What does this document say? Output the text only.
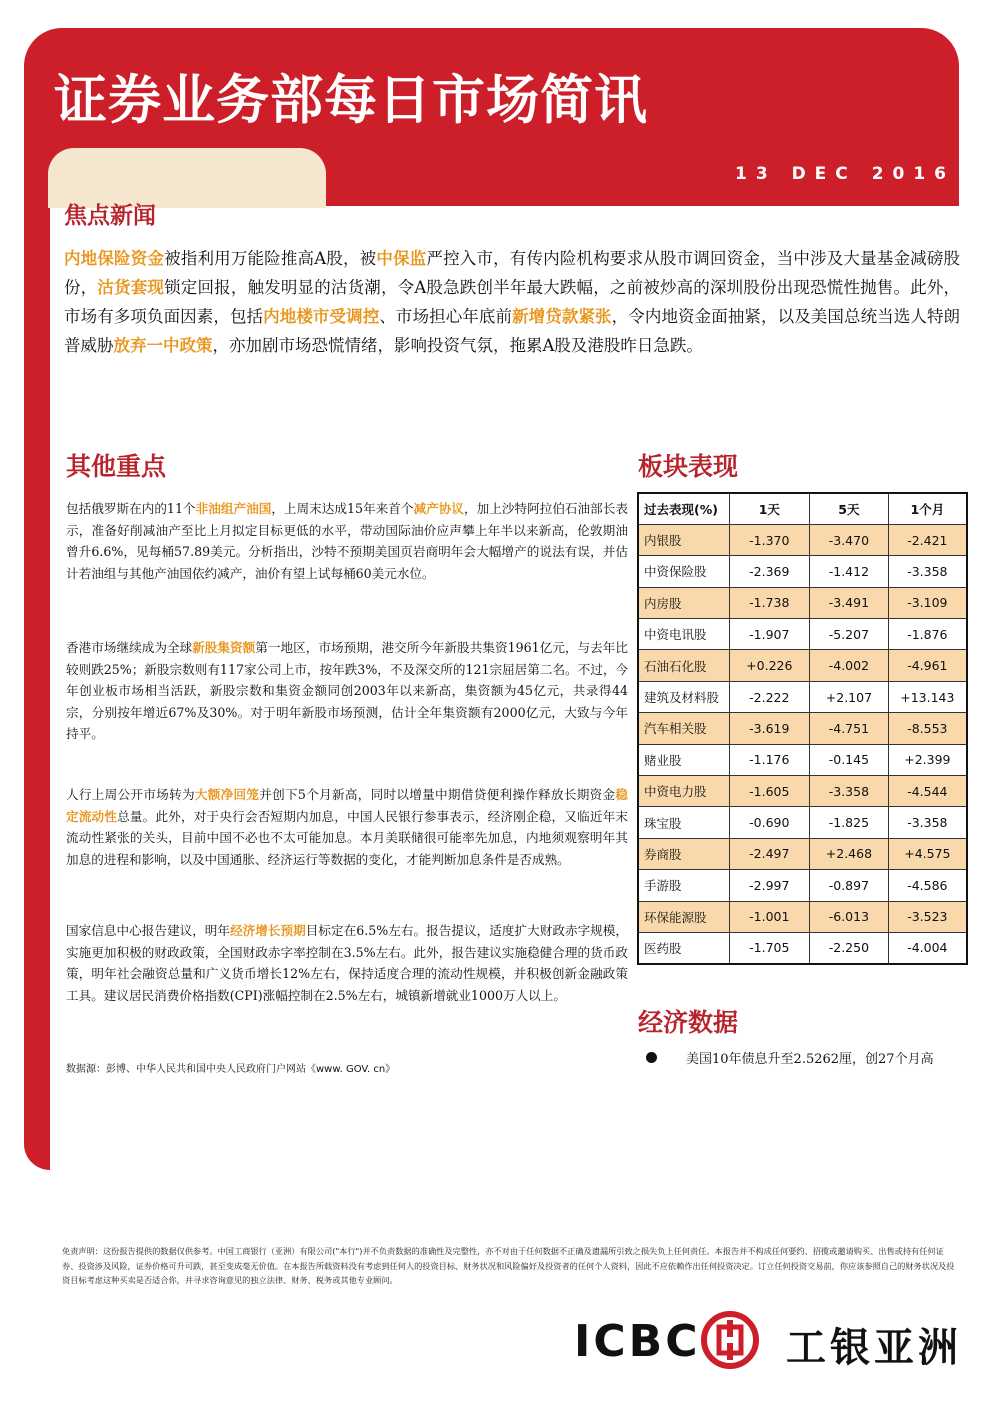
证券业务部每日市场简讯
13 DEC 2016
焦点新闻
内地保险资金被指利用万能险推高A股，被中保监严控入市，有传内险机构要求从股市调回资金，当中涉及大量基金减磅股份，沽货套现锁定回报，触发明显的沽货潮，令A股急跌创半年最大跌幅，之前被炒高的深圳股份出现恐慌性抛售。此外，市场有多项负面因素，包括内地楼市受调控、市场担心年底前新增贷款紧张，令内地资金面抽紧，以及美国总统当选人特朗普威胁放弃一中政策，亦加剧市场恐慌情绪，影响投资气氛，拖累A股及港股昨日急跌。
其他重点
包括俄罗斯在内的11个非油组产油国，上周末达成15年来首个减产协议，加上沙特阿拉伯石油部长表示，准备好削减油产至比上月拟定目标更低的水平，带动国际油价应声攀上年半以来新高，伦敦期油曾升6.6%，见每桶57.89美元。分析指出，沙特不预期美国页岩商明年会大幅增产的说法有误，并估计若油组与其他产油国依约减产，油价有望上试每桶60美元水位。
香港市场继续成为全球新股集资额第一地区，市场预期，港交所今年新股共集资1961亿元，与去年比较则跌25%；新股宗数则有117家公司上市，按年跌3%，不及深交所的121宗屈居第二名。不过，今年创业板市场相当活跃，新股宗数和集资金额同创2003年以来新高，集资额为45亿元，共录得44宗，分别按年增近67%及30%。对于明年新股市场预测，估计全年集资额有2000亿元，大致与今年持平。
人行上周公开市场转为大额净回笼并创下5个月新高，同时以增量中期借贷便利操作释放长期资金稳定流动性总量。此外，对于央行会否短期内加息，中国人民银行参事表示，经济刚企稳，又临近年末流动性紧张的关头，目前中国不必也不太可能加息。本月美联储很可能率先加息，内地须观察明年其加息的进程和影响，以及中国通胀、经济运行等数据的变化，才能判断加息条件是否成熟。
国家信息中心报告建议，明年经济增长预期目标定在6.5%左右。报告提议，适度扩大财政赤字规模，实施更加积极的财政政策，全国财政赤字率控制在3.5%左右。此外，报告建议实施稳健合理的货币政策，明年社会融资总量和广义货币增长12%左右，保持适度合理的流动性规模，并积极创新金融政策工具。建议居民消费价格指数(CPI)涨幅控制在2.5%左右，城镇新增就业1000万人以上。
数据源：彭博、中华人民共和国中央人民政府门户网站《www. GOV. cn》
板块表现
过去表现(%)	1天	5天	1个月
内银股	-1.370	-3.470	-2.421
中资保险股	-2.369	-1.412	-3.358
内房股	-1.738	-3.491	-3.109
中资电讯股	-1.907	-5.207	-1.876
石油石化股	+0.226	-4.002	-4.961
建筑及材料股	-2.222	+2.107	+13.143
汽车相关股	-3.619	-4.751	-8.553
赌业股	-1.176	-0.145	+2.399
中资电力股	-1.605	-3.358	-4.544
珠宝股	-0.690	-1.825	-3.358
券商股	-2.497	+2.468	+4.575
手游股	-2.997	-0.897	-4.586
环保能源股	-1.001	-6.013	-3.523
医药股	-1.705	-2.250	-4.004
经济数据
美国10年债息升至2.5262厘，创27个月高
免责声明：这份报告提供的数据仅供参考。中国工商银行（亚洲）有限公司("本行")并不负责数据的准确性及完整性，亦不对由于任何数据不正确及遗漏所引致之损失负上任何责任。本报告并不构成任何要约、招揽或邀请购买、出售或持有任何证券、投资涉及风险，证券价格可升可跌，甚至变成毫无价值。在本报告所载资料没有考虑到任何人的投资目标、财务状况和风险偏好及投资者的任何个人资料，因此不应依赖作出任何投资决定。订立任何投资交易前，你应该参照自己的财务状况及投资目标考虑这种买卖是否适合你，并寻求咨询意见的独立法律、财务、税务或其他专业顾问。
ICBC 工银亚洲
